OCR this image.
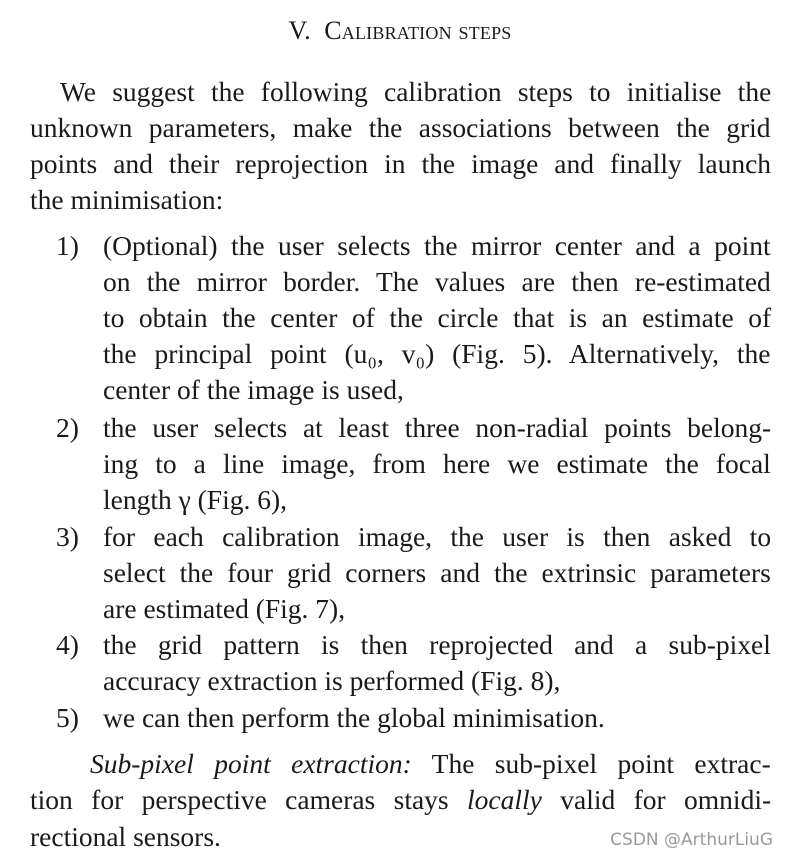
V. Calibration steps
We suggest the following calibration steps to initialise the
unknown parameters, make the associations between the grid
points and their reprojection in the image and finally launch
the minimisation:
1) (Optional) the user selects the mirror center and a point
on the mirror border. The values are then re-estimated
to obtain the center of the circle that is an estimate of
the principal point (u₀, v₀) (Fig. 5). Alternatively, the
center of the image is used,
2) the user selects at least three non-radial points belong-
ing to a line image, from here we estimate the focal
length γ (Fig. 6),
3) for each calibration image, the user is then asked to
select the four grid corners and the extrinsic parameters
are estimated (Fig. 7),
4) the grid pattern is then reprojected and a sub-pixel
accuracy extraction is performed (Fig. 8),
5) we can then perform the global minimisation.
Sub-pixel point extraction: The sub-pixel point extrac-
tion for perspective cameras stays locally valid for omnidi-
rectional sensors.	CSDN @ArthurLiuG
